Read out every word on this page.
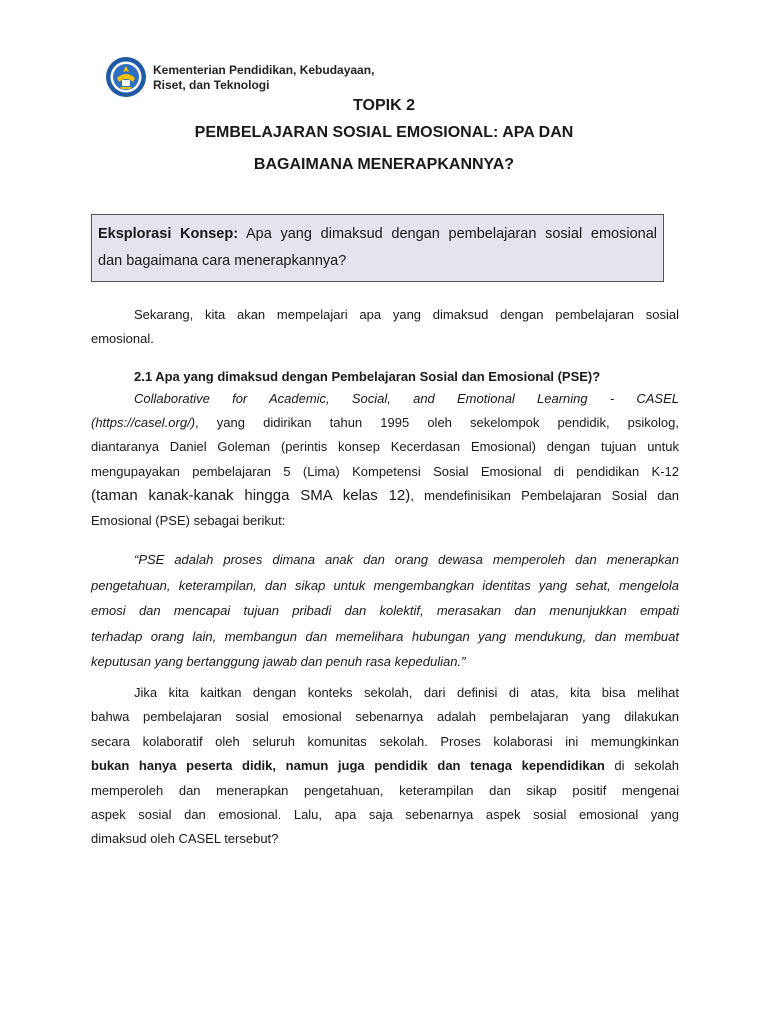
Kementerian Pendidikan, Kebudayaan,
Riset, dan Teknologi
TOPIK 2
PEMBELAJARAN SOSIAL EMOSIONAL: APA DAN
BAGAIMANA MENERAPKANNYA?
Eksplorasi Konsep: Apa yang dimaksud dengan pembelajaran sosial emosional
dan bagaimana cara menerapkannya?
Sekarang, kita akan mempelajari apa yang dimaksud dengan pembelajaran sosial
emosional.
2.1 Apa yang dimaksud dengan Pembelajaran Sosial dan Emosional (PSE)?
Collaborative for Academic, Social, and Emotional Learning - CASEL
(https://casel.org/), yang didirikan tahun 1995 oleh sekelompok pendidik, psikolog,
diantaranya Daniel Goleman (perintis konsep Kecerdasan Emosional) dengan tujuan untuk
mengupayakan pembelajaran 5 (Lima) Kompetensi Sosial Emosional di pendidikan K-12
(taman kanak-kanak hingga SMA kelas 12), mendefinisikan Pembelajaran Sosial dan
Emosional (PSE) sebagai berikut:
“PSE adalah proses dimana anak dan orang dewasa memperoleh dan menerapkan
pengetahuan, keterampilan, dan sikap untuk mengembangkan identitas yang sehat, mengelola
emosi dan mencapai tujuan pribadi dan kolektif, merasakan dan menunjukkan empati
terhadap orang lain, membangun dan memelihara hubungan yang mendukung, dan membuat
keputusan yang bertanggung jawab dan penuh rasa kepedulian.”
Jika kita kaitkan dengan konteks sekolah, dari definisi di atas, kita bisa melihat
bahwa pembelajaran sosial emosional sebenarnya adalah pembelajaran yang dilakukan
secara kolaboratif oleh seluruh komunitas sekolah. Proses kolaborasi ini memungkinkan
bukan hanya peserta didik, namun juga pendidik dan tenaga kependidikan di sekolah
memperoleh dan menerapkan pengetahuan, keterampilan dan sikap positif mengenai
aspek sosial dan emosional. Lalu, apa saja sebenarnya aspek sosial emosional yang
dimaksud oleh CASEL tersebut?
